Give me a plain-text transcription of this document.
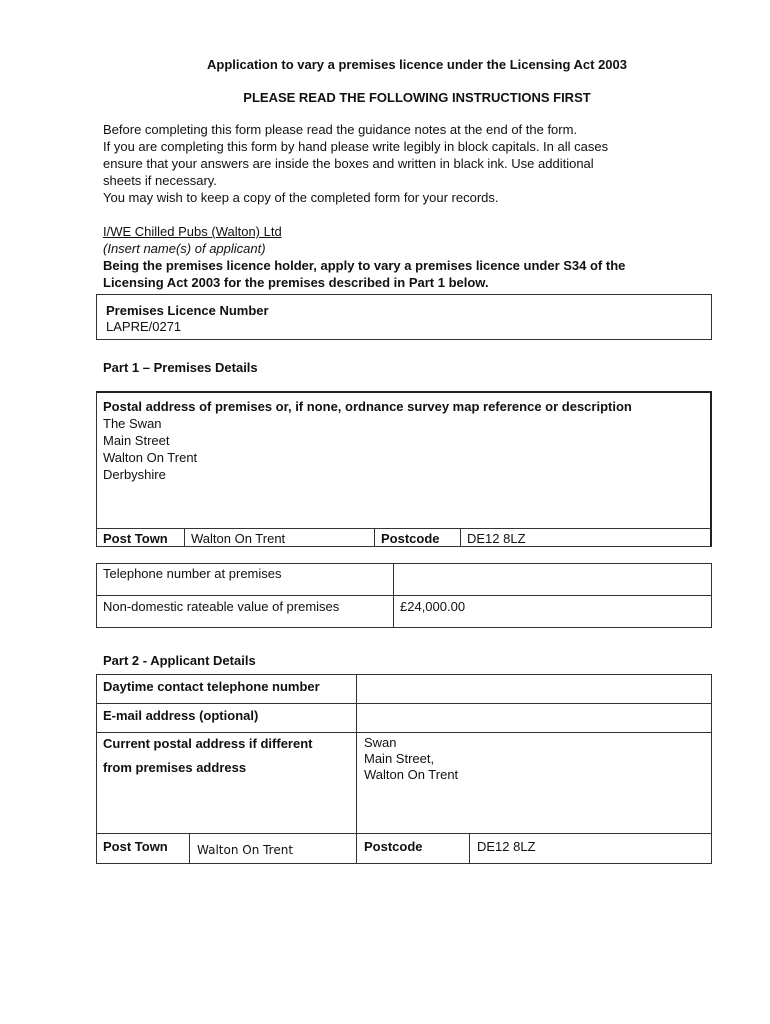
Application to vary a premises licence under the Licensing Act 2003
PLEASE READ THE FOLLOWING INSTRUCTIONS FIRST
Before completing this form please read the guidance notes at the end of the form.
If you are completing this form by hand please write legibly in block capitals. In all cases
ensure that your answers are inside the boxes and written in black ink. Use additional
sheets if necessary.
You may wish to keep a copy of the completed form for your records.
I/WE Chilled Pubs (Walton) Ltd
(Insert name(s) of applicant)
Being the premises licence holder, apply to vary a premises licence under S34 of the
Licensing Act 2003 for the premises described in Part 1 below.
Premises Licence Number
LAPRE/0271
Part 1 – Premises Details
Postal address of premises or, if none, ordnance survey map reference or description
The Swan
Main Street
Walton On Trent
Derbyshire
Post Town Walton On Trent	Postcode DE12 8LZ
Telephone number at premises
Non-domestic rateable value of premises	£24,000.00
Part 2 - Applicant Details
Daytime contact telephone number
E-mail address (optional)
Current postal address if different
from premises address
Swan
Main Street,
Walton On Trent
Post Town Walton On Trent	Postcode	DE12 8LZ
